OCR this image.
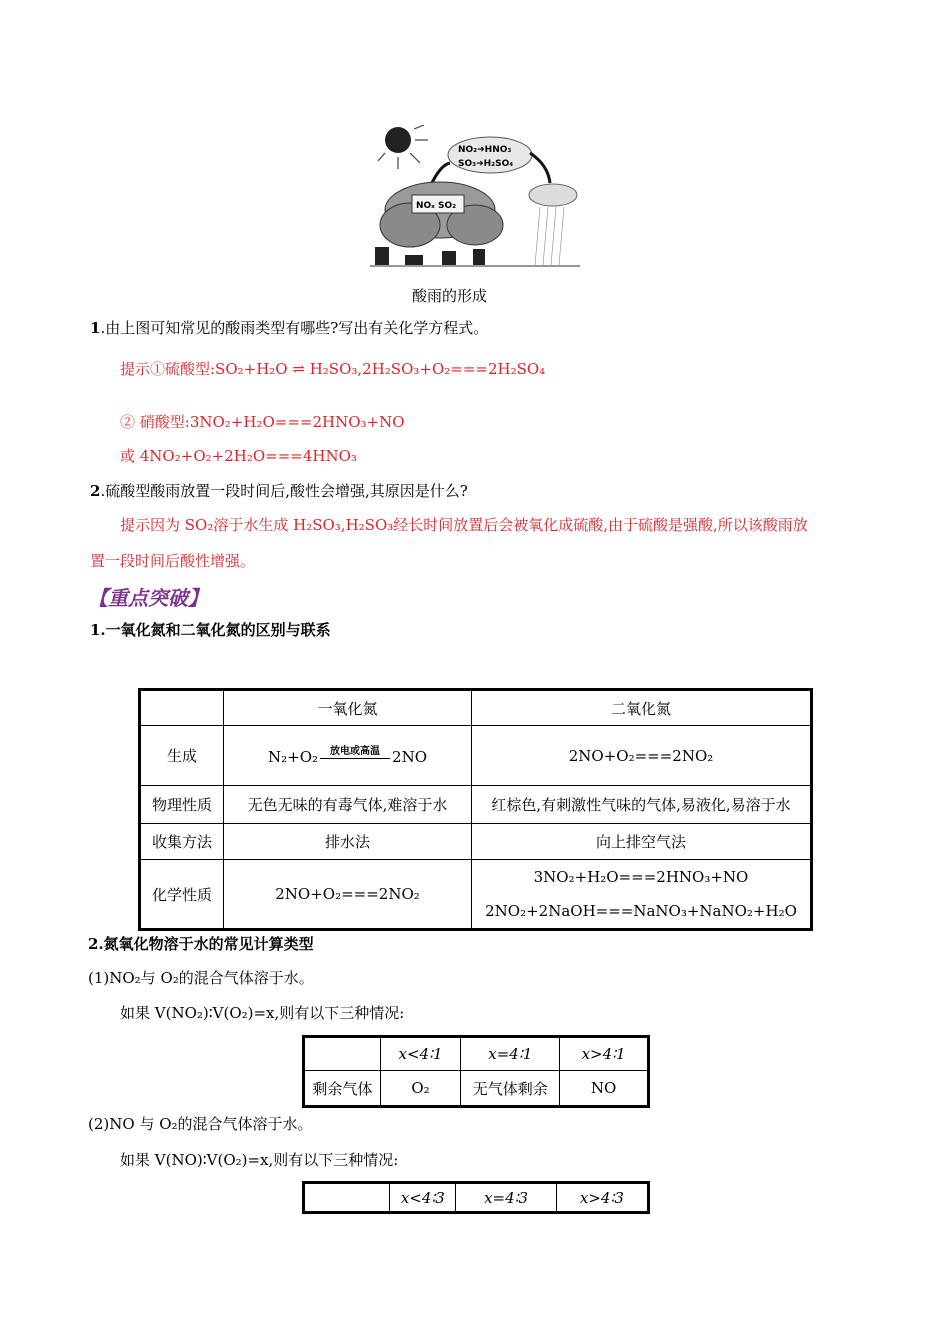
NO₂➜HNO₃
SO₃➜H₂SO₄
NOₓ SO₂
酸雨的形成
1.由上图可知常见的酸雨类型有哪些?写出有关化学方程式。
提示①硫酸型:SO₂+H₂O ⇌ H₂SO₃,2H₂SO₃+O₂===2H₂SO₄
② 硝酸型:3NO₂+H₂O===2HNO₃+NO
或 4NO₂+O₂+2H₂O===4HNO₃
2.硫酸型酸雨放置一段时间后,酸性会增强,其原因是什么?
提示因为 SO₂溶于水生成 H₂SO₃,H₂SO₃经长时间放置后会被氧化成硫酸,由于硫酸是强酸,所以该酸雨放
置一段时间后酸性增强。
【重点突破】
1.一氧化氮和二氧化氮的区别与联系
	一氧化氮	二氧化氮
生成	N₂+O₂ 放电或高温 2NO	2NO+O₂===2NO₂
物理性质	无色无味的有毒气体,难溶于水	红棕色,有刺激性气味的气体,易液化,易溶于水
收集方法	排水法	向上排空气法
化学性质	2NO+O₂===2NO₂	3NO₂+H₂O===2HNO₃+NO
2NO₂+2NaOH===NaNO₃+NaNO₂+H₂O
2.氮氧化物溶于水的常见计算类型
(1)NO₂与 O₂的混合气体溶于水。
如果 V(NO₂)∶V(O₂)=x,则有以下三种情况:
	x<4∶1	x=4∶1	x>4∶1
剩余气体	O₂	无气体剩余	NO
(2)NO 与 O₂的混合气体溶于水。
如果 V(NO)∶V(O₂)=x,则有以下三种情况:
	x<4∶3	x=4∶3	x>4∶3
